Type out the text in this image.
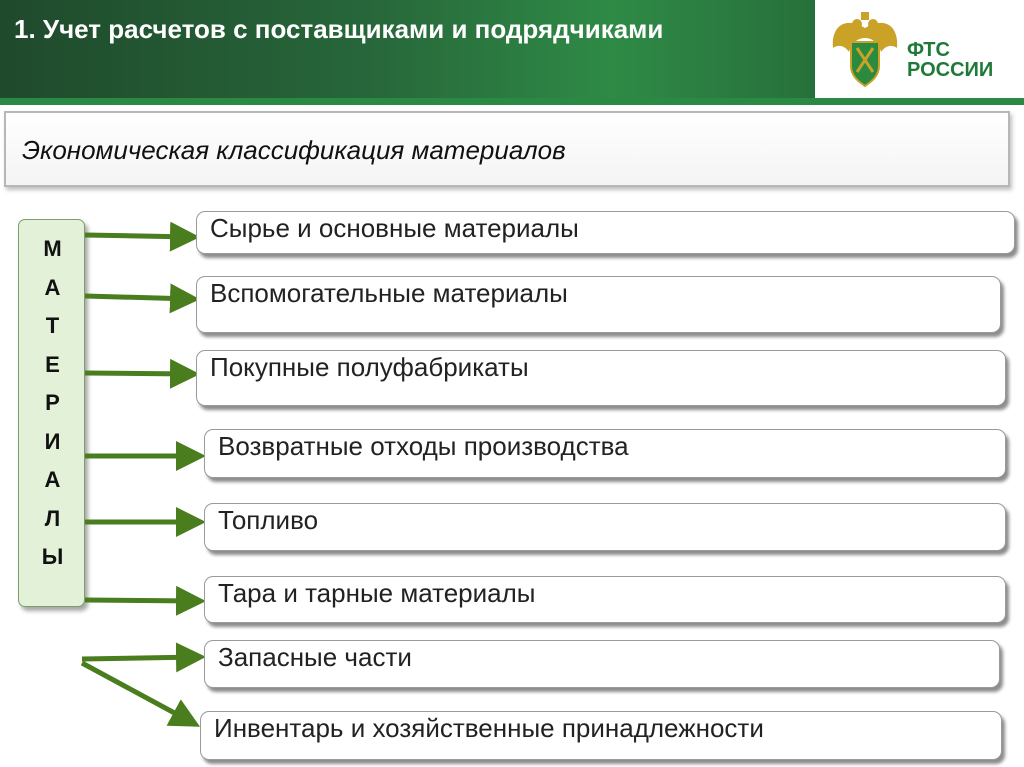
1. Учет расчетов с поставщиками и подрядчиками
ФТС
РОССИИ
Экономическая классификация материалов
М
А
Т
Е
Р
И
А
Л
Ы
Сырье и основные материалы
Вспомогательные материалы
Покупные полуфабрикаты
Возвратные отходы производства
Топливо
Тара и тарные материалы
Запасные части
Инвентарь и хозяйственные принадлежности
